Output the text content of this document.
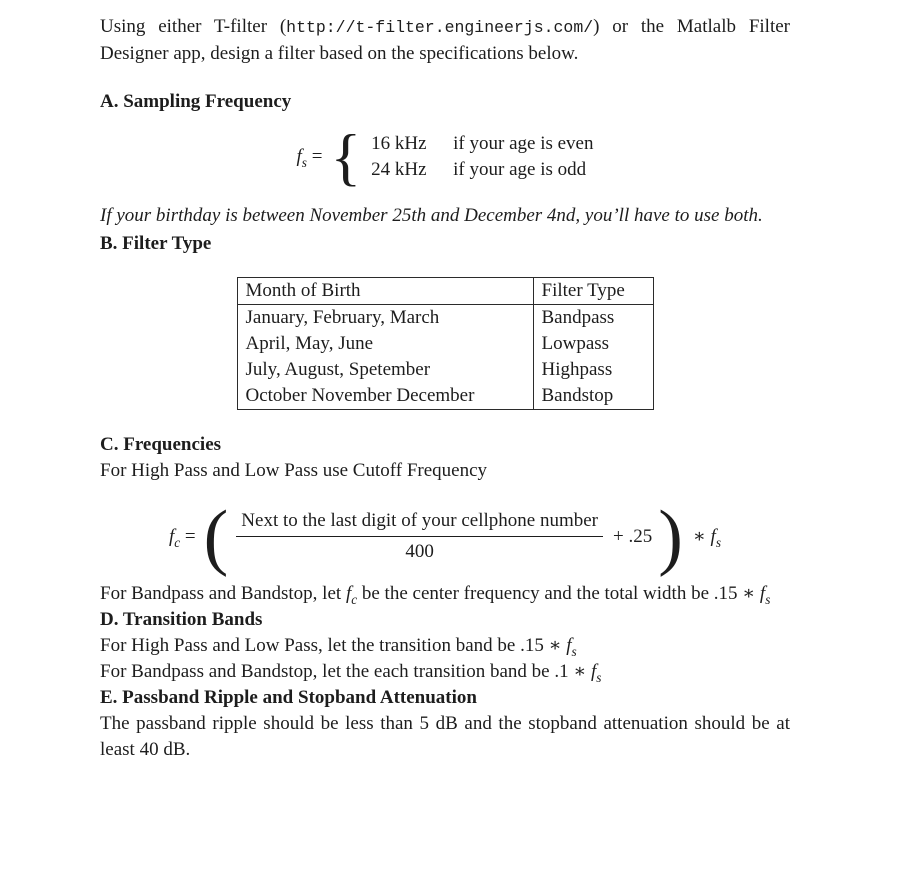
Using either T-filter (http://t-filter.engineerjs.com/) or the Matlalb Filter Designer app, design a filter based on the specifications below.

A. Sampling Frequency

$f_s$ = { 16 kHz	if your age is even
24 kHz	if your age is odd

If your birthday is between November 25th and December 4nd, you’ll have to use both.

B. Filter Type

Month of Birth	Filter Type
January, February, March	Bandpass
April, May, June	Lowpass
July, August, Spetember	Highpass
October November December	Bandstop

C. Frequencies

For High Pass and Low Pass use Cutoff Frequency

$f_c$ = ( $\frac{\text{Next to the last digit of your cellphone number}}{400} + .25$ ) ∗ $f_s$

For Bandpass and Bandstop, let $f_c$ be the center frequency and the total width be .15 ∗ $f_s$

D. Transition Bands

For High Pass and Low Pass, let the transition band be .15 ∗ $f_s$

For Bandpass and Bandstop, let the each transition band be .1 ∗ $f_s$

E. Passband Ripple and Stopband Attenuation

The passband ripple should be less than 5 dB and the stopband attenuation should be at least 40 dB.
